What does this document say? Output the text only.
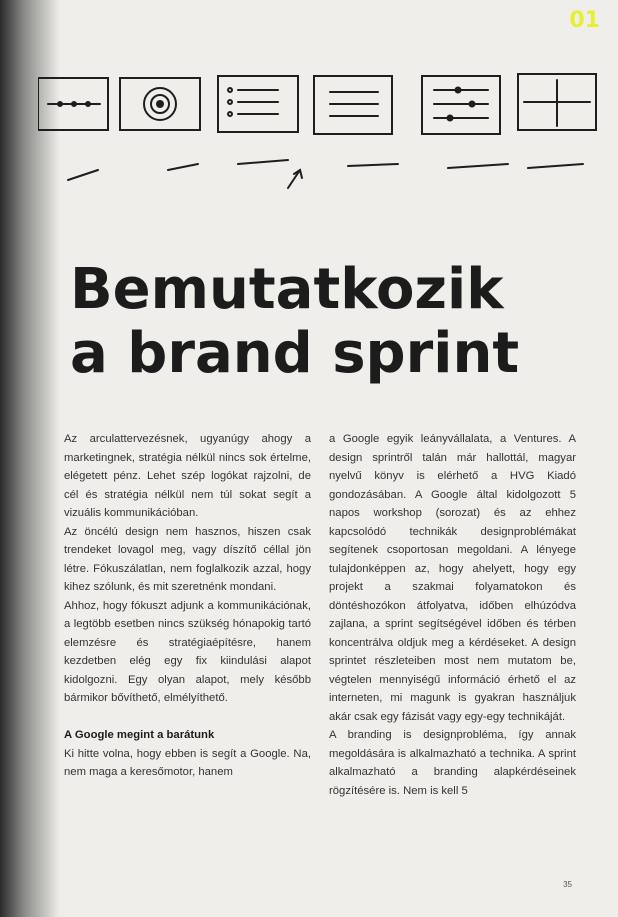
01
Bemutatkozik
a brand sprint

Az arculattervezésnek, ugyanúgy ahogy a marketingnek, stratégia nélkül nincs sok értelme, elégetett pénz. Lehet szép logókat rajzolni, de cél és stratégia nélkül nem túl sokat segít a vizuális kommunikációban.

Az öncélú design nem hasznos, hiszen csak trendeket lovagol meg, vagy díszítő céllal jön létre. Fókuszálatlan, nem foglalkozik azzal, hogy kihez szólunk, és mit szeretnénk mondani.

Ahhoz, hogy fókuszt adjunk a kommunikációnak, a legtöbb esetben nincs szükség hónapokig tartó elemzésre és stratégiaépítésre, hanem kezdetben elég egy fix kiindulási alapot kidolgozni. Egy olyan alapot, mely később bármikor bővíthető, elmélyíthető.

A Google megint a barátunk

Ki hitte volna, hogy ebben is segít a Google. Na, nem maga a keresőmotor, hanem

a Google egyik leányvállalata, a Ventures. A design sprintről talán már hallottál, magyar nyelvű könyv is elérhető a HVG Kiadó gondozásában. A Google által kidolgozott 5 napos workshop (sorozat) és az ehhez kapcsolódó technikák designproblémákat segítenek csoportosan megoldani. A lényege tulajdonképpen az, hogy ahelyett, hogy egy projekt a szakmai folyamatokon és döntéshozókon átfolyatva, időben elhúzódva zajlana, a sprint segítségével időben és térben koncentrálva oldjuk meg a kérdéseket. A design sprintet részleteiben most nem mutatom be, végtelen mennyiségű információ érhető el az interneten, mi magunk is gyakran használjuk akár csak egy fázisát vagy egy-egy technikáját.

A branding is designprobléma, így annak megoldására is alkalmazható a technika. A sprint alkalmazható a branding alapkérdéseinek rögzítésére is. Nem is kell 5

35
